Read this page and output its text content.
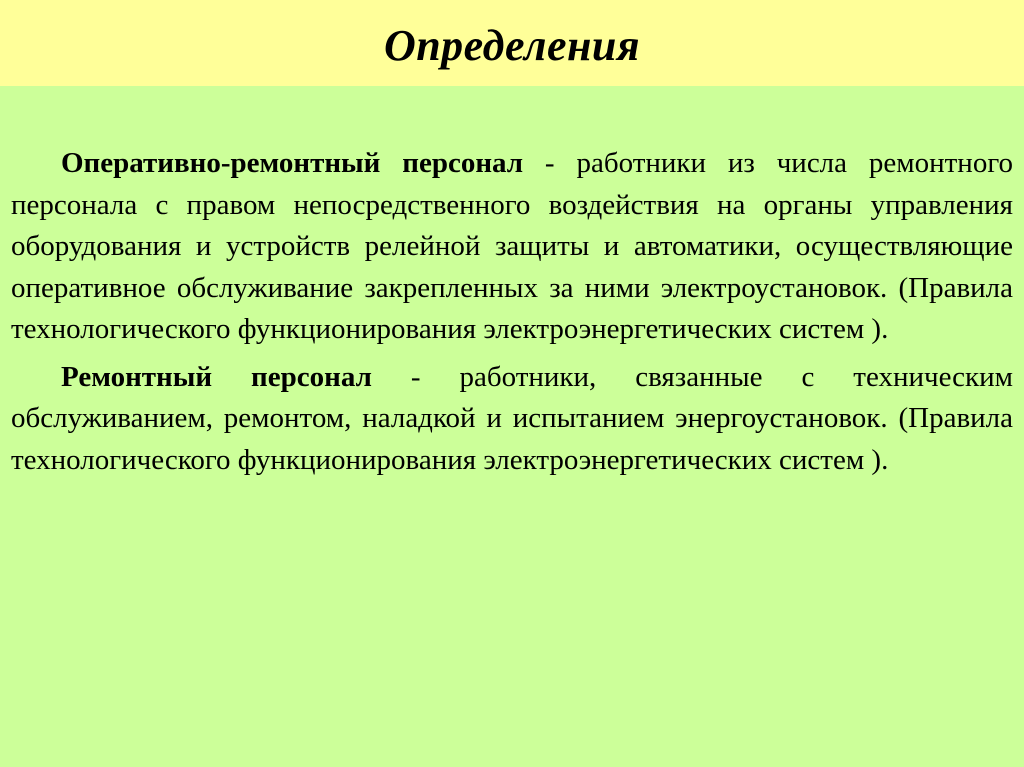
Определения

Оперативно-ремонтный персонал - работники из числа ремонтного персонала с правом непосредственного воздействия на органы управления оборудования и устройств релейной защиты и автоматики, осуществляющие оперативное обслуживание закрепленных за ними электроустановок. (Правила технологического функционирования электроэнергетических систем ).

Ремонтный персонал - работники, связанные с техническим обслуживанием, ремонтом, наладкой и испытанием энергоустановок. (Правила технологического функционирования электроэнергетических систем ).
